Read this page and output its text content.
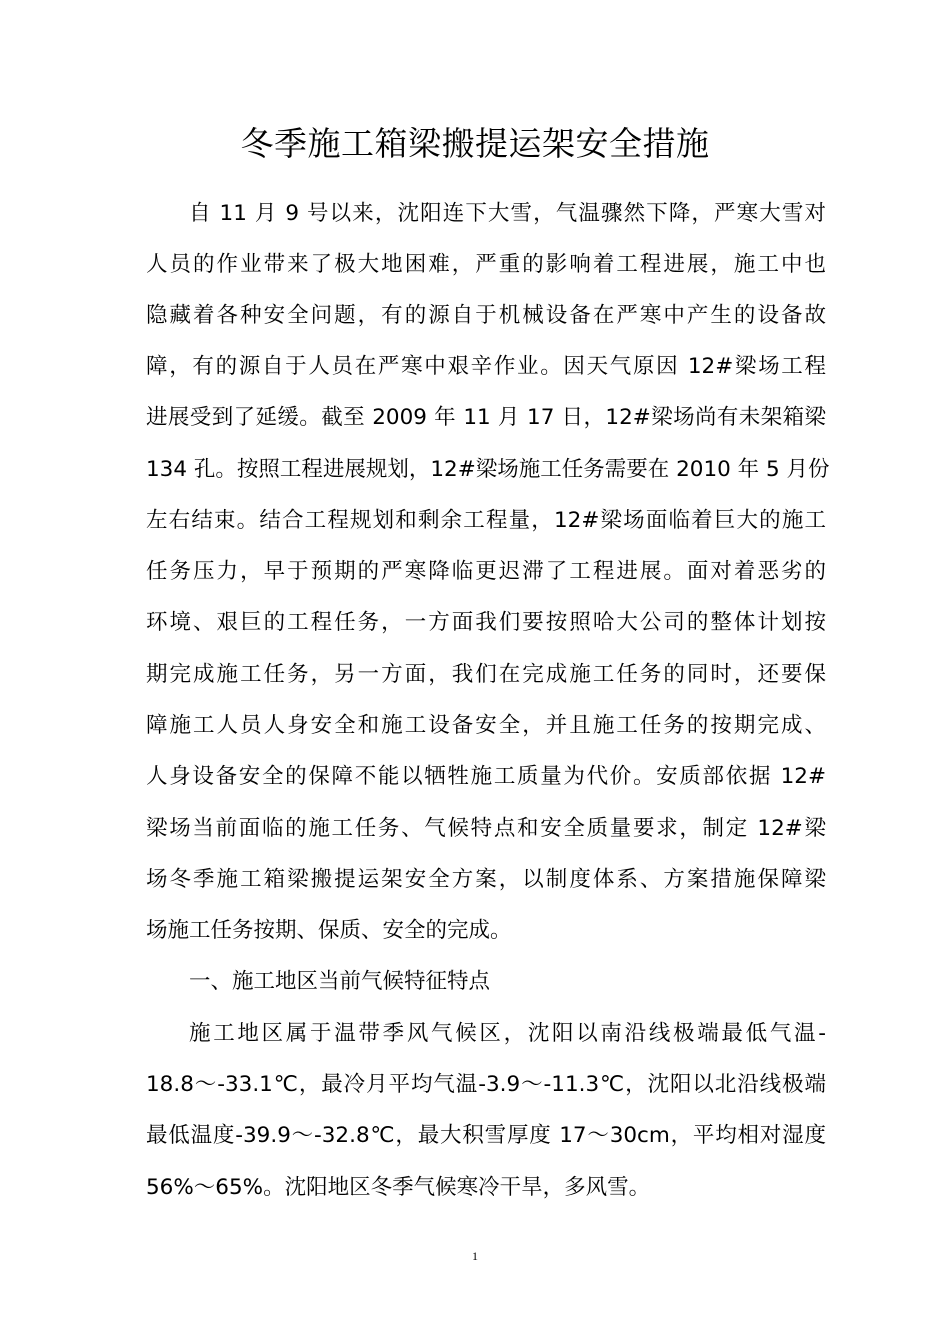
冬季施工箱梁搬提运架安全措施
自 11 月 9 号以来，沈阳连下大雪，气温骤然下降，严寒大雪对
人员的作业带来了极大地困难，严重的影响着工程进展，施工中也
隐藏着各种安全问题，有的源自于机械设备在严寒中产生的设备故
障，有的源自于人员在严寒中艰辛作业。因天气原因 12#梁场工程
进展受到了延缓。截至 2009 年 11 月 17 日，12#梁场尚有未架箱梁
134 孔。按照工程进展规划，12#梁场施工任务需要在 2010 年 5 月份
左右结束。结合工程规划和剩余工程量，12#梁场面临着巨大的施工
任务压力，早于预期的严寒降临更迟滞了工程进展。面对着恶劣的
环境、艰巨的工程任务，一方面我们要按照哈大公司的整体计划按
期完成施工任务，另一方面，我们在完成施工任务的同时，还要保
障施工人员人身安全和施工设备安全，并且施工任务的按期完成、
人身设备安全的保障不能以牺牲施工质量为代价。安质部依据 12#
梁场当前面临的施工任务、气候特点和安全质量要求，制定 12#梁
场冬季施工箱梁搬提运架安全方案，以制度体系、方案措施保障梁
场施工任务按期、保质、安全的完成。
一、施工地区当前气候特征特点
施工地区属于温带季风气候区，沈阳以南沿线极端最低气温-
18.8～-33.1℃，最冷月平均气温-3.9～-11.3℃，沈阳以北沿线极端
最低温度-39.9～-32.8℃，最大积雪厚度 17～30cm，平均相对湿度
56%～65%。沈阳地区冬季气候寒冷干旱，多风雪。
1
